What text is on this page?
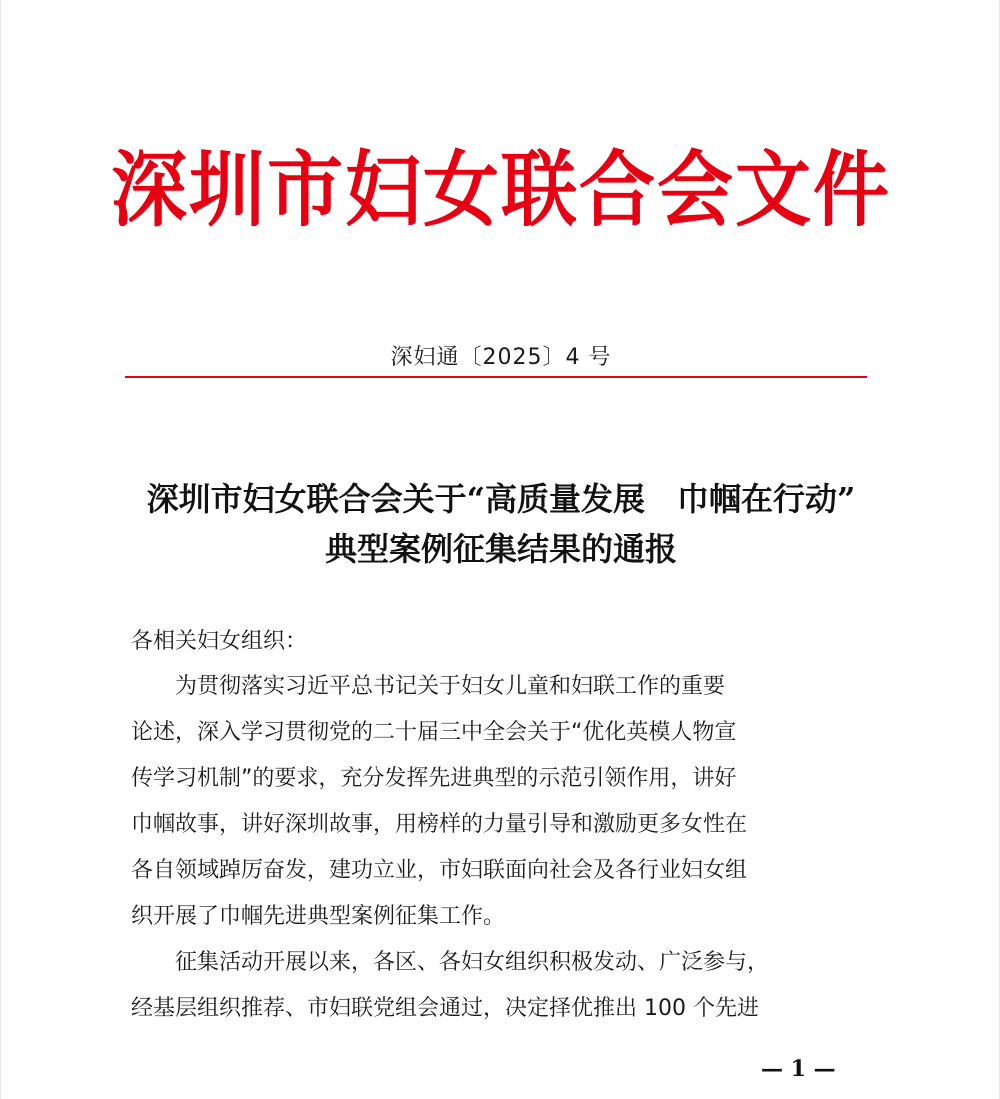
深圳市妇女联合会文件
深妇通〔2025〕4 号
深圳市妇女联合会关于“高质量发展　巾帼在行动”
典型案例征集结果的通报
各相关妇女组织：
为贯彻落实习近平总书记关于妇女儿童和妇联工作的重要
论述，深入学习贯彻党的二十届三中全会关于“优化英模人物宣
传学习机制”的要求，充分发挥先进典型的示范引领作用，讲好
巾帼故事，讲好深圳故事，用榜样的力量引导和激励更多女性在
各自领域踔厉奋发，建功立业，市妇联面向社会及各行业妇女组
织开展了巾帼先进典型案例征集工作。
征集活动开展以来，各区、各妇女组织积极发动、广泛参与，
经基层组织推荐、市妇联党组会通过，决定择优推出 100 个先进
— 1 —
